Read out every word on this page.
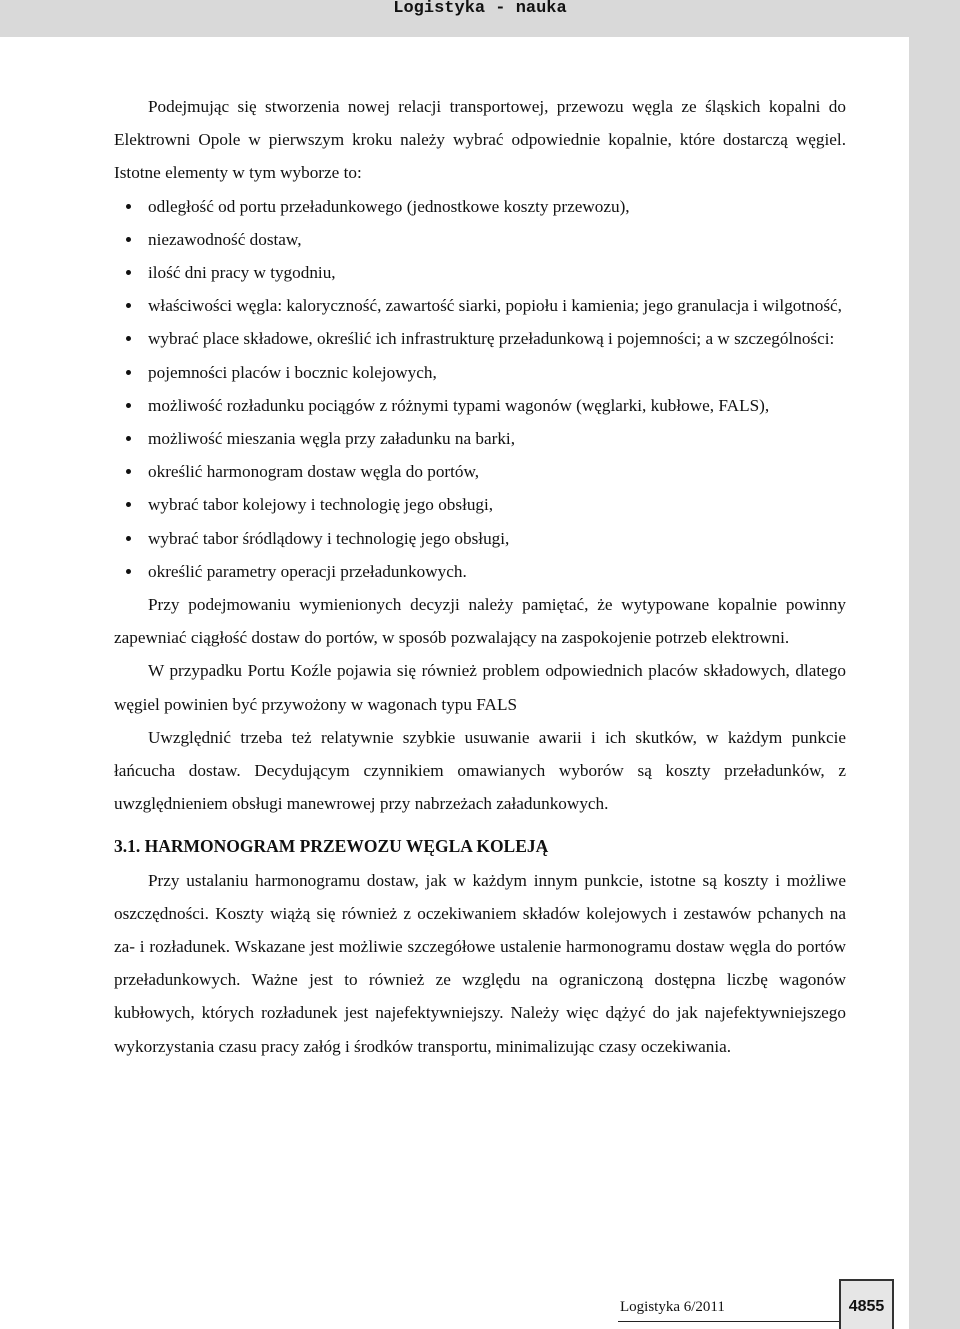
Logistyka - nauka

Podejmując się stworzenia nowej relacji transportowej, przewozu węgla ze śląskich kopalni do Elektrowni Opole w pierwszym kroku należy wybrać odpowiednie kopalnie, które dostarczą węgiel. Istotne elementy w tym wyborze to:

odległość od portu przeładunkowego (jednostkowe koszty przewozu),
niezawodność dostaw,
ilość dni pracy w tygodniu,
właściwości węgla: kaloryczność, zawartość siarki, popiołu i kamienia; jego granulacja i wilgotność,
wybrać place składowe, określić ich infrastrukturę przeładunkową i pojemności; a w szczególności:
pojemności placów i bocznic kolejowych,
możliwość rozładunku pociągów z różnymi typami wagonów (węglarki, kubłowe, FALS),
możliwość mieszania węgla przy załadunku na barki,
określić harmonogram dostaw węgla do portów,
wybrać tabor kolejowy i technologię jego obsługi,
wybrać tabor śródlądowy i technologię jego obsługi,
określić parametry operacji przeładunkowych.

Przy podejmowaniu wymienionych decyzji należy pamiętać, że wytypowane kopalnie powinny zapewniać ciągłość dostaw do portów, w sposób pozwalający na zaspokojenie potrzeb elektrowni.

W przypadku Portu Koźle pojawia się również problem odpowiednich placów składowych, dlatego węgiel powinien być przywożony w wagonach typu FALS

Uwzględnić trzeba też relatywnie szybkie usuwanie awarii i ich skutków, w każdym punkcie łańcucha dostaw. Decydującym czynnikiem omawianych wyborów są koszty przeładunków, z uwzględnieniem obsługi manewrowej przy nabrzeżach załadunkowych.

3.1. HARMONOGRAM PRZEWOZU WĘGLA KOLEJĄ

Przy ustalaniu harmonogramu dostaw, jak w każdym innym punkcie, istotne są koszty i możliwe oszczędności. Koszty wiążą się również z oczekiwaniem składów kolejowych i zestawów pchanych na za- i rozładunek. Wskazane jest możliwie szczegółowe ustalenie harmonogramu dostaw węgla do portów przeładunkowych. Ważne jest to również ze względu na ograniczoną dostępna liczbę wagonów kubłowych, których rozładunek jest najefektywniejszy. Należy więc dążyć do jak najefektywniejszego wykorzystania czasu pracy załóg i środków transportu, minimalizując czasy oczekiwania.

Logistyka 6/2011	4855
